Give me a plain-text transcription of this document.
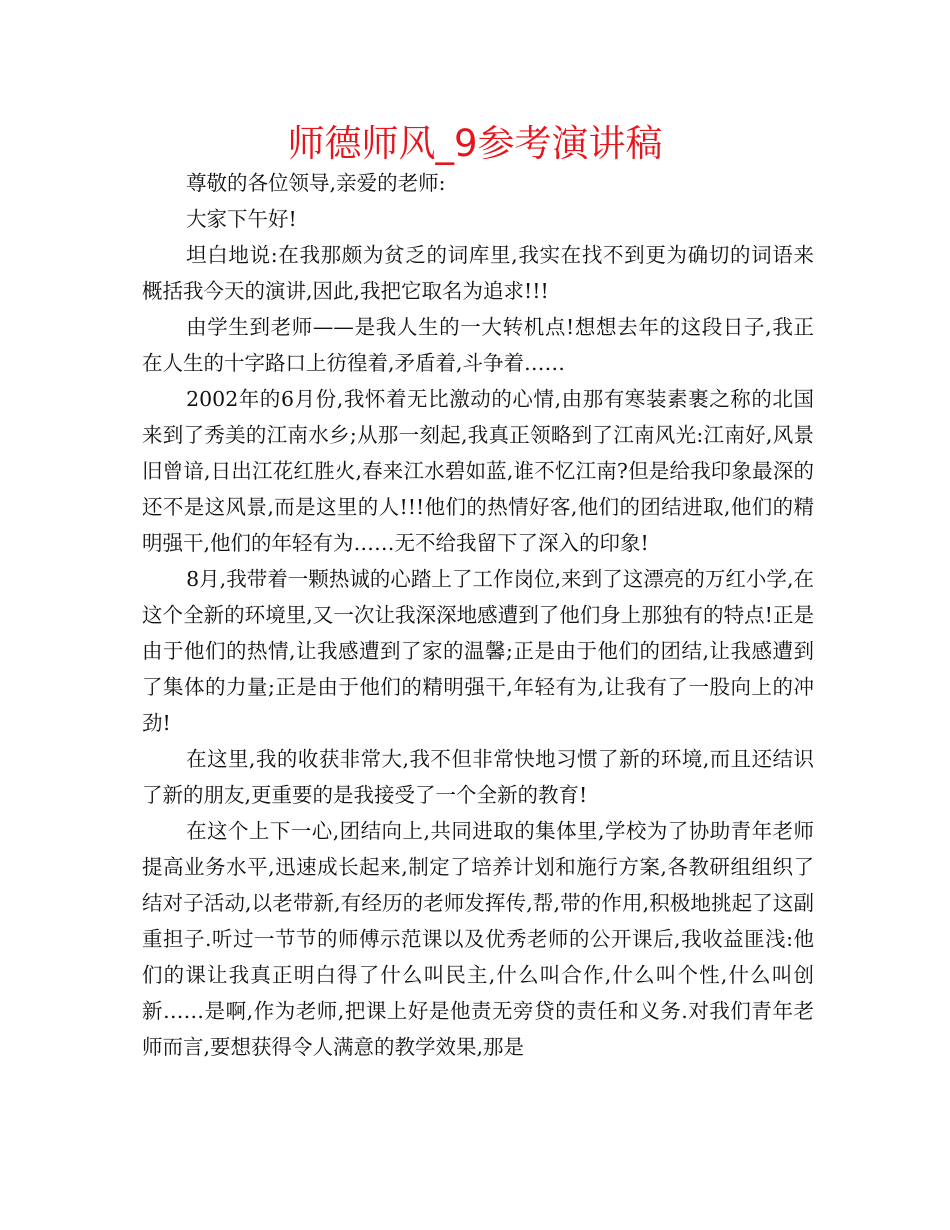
师德师风_9参考演讲稿

尊敬的各位领导,亲爱的老师:

大家下午好!

坦白地说:在我那颇为贫乏的词库里,我实在找不到更为确切的词语来概括我今天的演讲,因此,我把它取名为追求!!!

由学生到老师——是我人生的一大转机点!想想去年的这段日子,我正在人生的十字路口上彷徨着,矛盾着,斗争着……

2002年的6月份,我怀着无比激动的心情,由那有寒装素裹之称的北国来到了秀美的江南水乡;从那一刻起,我真正领略到了江南风光:江南好,风景旧曾谙,日出江花红胜火,春来江水碧如蓝,谁不忆江南?但是给我印象最深的还不是这风景,而是这里的人!!!他们的热情好客,他们的团结进取,他们的精明强干,他们的年轻有为……无不给我留下了深入的印象!

8月,我带着一颗热诚的心踏上了工作岗位,来到了这漂亮的万红小学,在这个全新的环境里,又一次让我深深地感遭到了他们身上那独有的特点!正是由于他们的热情,让我感遭到了家的温馨;正是由于他们的团结,让我感遭到了集体的力量;正是由于他们的精明强干,年轻有为,让我有了一股向上的冲劲!

在这里,我的收获非常大,我不但非常快地习惯了新的环境,而且还结识了新的朋友,更重要的是我接受了一个全新的教育!

在这个上下一心,团结向上,共同进取的集体里,学校为了协助青年老师提高业务水平,迅速成长起来,制定了培养计划和施行方案,各教研组组织了结对子活动,以老带新,有经历的老师发挥传,帮,带的作用,积极地挑起了这副重担子.听过一节节的师傅示范课以及优秀老师的公开课后,我收益匪浅:他们的课让我真正明白得了什么叫民主,什么叫合作,什么叫个性,什么叫创新……是啊,作为老师,把课上好是他责无旁贷的责任和义务.对我们青年老师而言,要想获得令人满意的教学效果,那是
